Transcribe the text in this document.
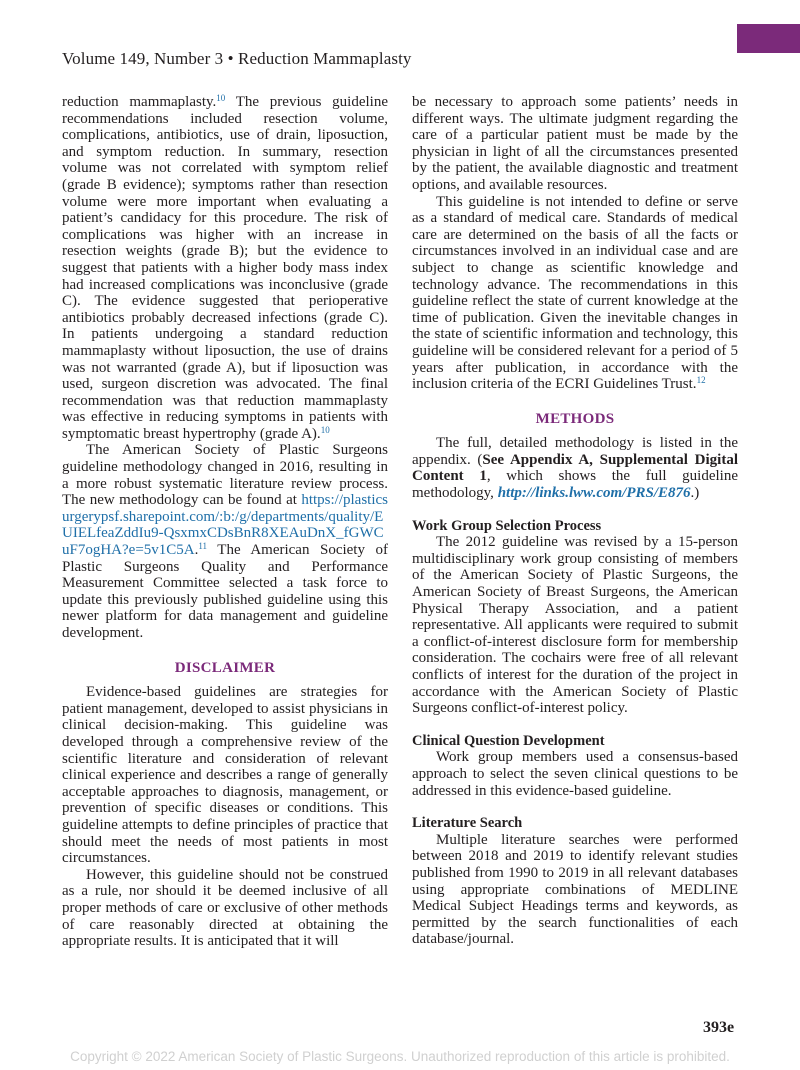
Volume 149, Number 3 • Reduction Mammaplasty

reduction mammaplasty.$^{10}$ The previous guideline recommendations included resection volume, complications, antibiotics, use of drain, liposuction, and symptom reduction. In summary, resection volume was not correlated with symptom relief (grade B evidence); symptoms rather than resection volume were more important when evaluating a patient’s candidacy for this procedure. The risk of complications was higher with an increase in resection weights (grade B); but the evidence to suggest that patients with a higher body mass index had increased complications was inconclusive (grade C). The evidence suggested that perioperative antibiotics probably decreased infections (grade C). In patients undergoing a standard reduction mammaplasty without liposuction, the use of drains was not warranted (grade A), but if liposuction was used, surgeon discretion was advocated. The final recommendation was that reduction mammaplasty was effective in reducing symptoms in patients with symptomatic breast hypertrophy (grade A).$^{10}$

The American Society of Plastic Surgeons guideline methodology changed in 2016, resulting in a more robust systematic literature review process. The new methodology can be found at https://plasticsurgerypsf.sharepoint.com/:b:/g/departments/quality/EUIELfeaZddIu9-QsxmxCDsBnR8XEAuDnX_fGWCuF7ogHA?e=5v1C5A.$^{11}$ The American Society of Plastic Surgeons Quality and Performance Measurement Committee selected a task force to update this previously published guideline using this newer platform for data management and guideline development.

DISCLAIMER

Evidence-based guidelines are strategies for patient management, developed to assist physicians in clinical decision-making. This guideline was developed through a comprehensive review of the scientific literature and consideration of relevant clinical experience and describes a range of generally acceptable approaches to diagnosis, management, or prevention of specific diseases or conditions. This guideline attempts to define principles of practice that should meet the needs of most patients in most circumstances.

However, this guideline should not be construed as a rule, nor should it be deemed inclusive of all proper methods of care or exclusive of other methods of care reasonably directed at obtaining the appropriate results. It is anticipated that it will

be necessary to approach some patients’ needs in different ways. The ultimate judgment regarding the care of a particular patient must be made by the physician in light of all the circumstances presented by the patient, the available diagnostic and treatment options, and available resources.

This guideline is not intended to define or serve as a standard of medical care. Standards of medical care are determined on the basis of all the facts or circumstances involved in an individual case and are subject to change as scientific knowledge and technology advance. The recommendations in this guideline reflect the state of current knowledge at the time of publication. Given the inevitable changes in the state of scientific information and technology, this guideline will be considered relevant for a period of 5 years after publication, in accordance with the inclusion criteria of the ECRI Guidelines Trust.$^{12}$

METHODS

The full, detailed methodology is listed in the appendix. (See Appendix A, Supplemental Digital Content 1, which shows the full guideline methodology, http://links.lww.com/PRS/E876.)

Work Group Selection Process

The 2012 guideline was revised by a 15-person multidisciplinary work group consisting of members of the American Society of Plastic Surgeons, the American Society of Breast Surgeons, the American Physical Therapy Association, and a patient representative. All applicants were required to submit a conflict-of-interest disclosure form for membership consideration. The cochairs were free of all relevant conflicts of interest for the duration of the project in accordance with the American Society of Plastic Surgeons conflict-of-interest policy.

Clinical Question Development

Work group members used a consensus-based approach to select the seven clinical questions to be addressed in this evidence-based guideline.

Literature Search

Multiple literature searches were performed between 2018 and 2019 to identify relevant studies published from 1990 to 2019 in all relevant databases using appropriate combinations of MEDLINE Medical Subject Headings terms and keywords, as permitted by the search functionalities of each database/journal.

393e
Copyright © 2022 American Society of Plastic Surgeons. Unauthorized reproduction of this article is prohibited.
